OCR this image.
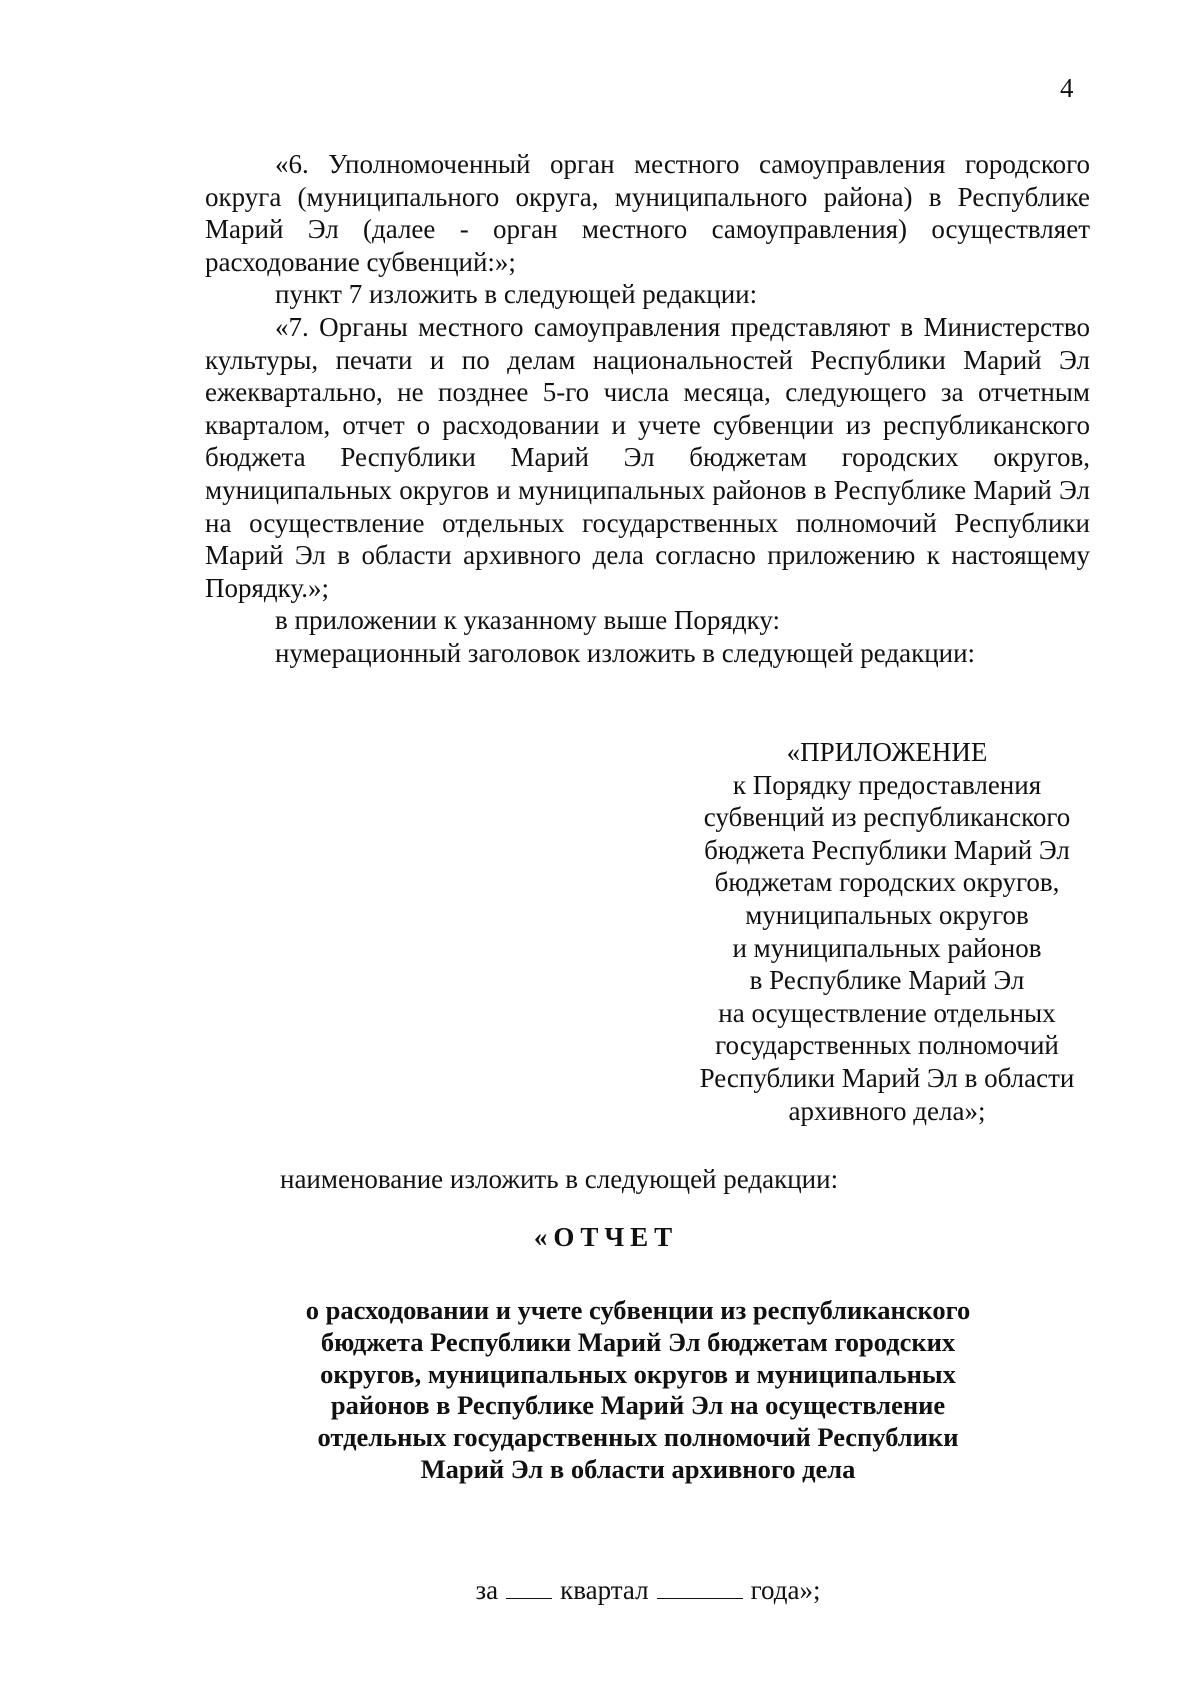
4

«6. Уполномоченный орган местного самоуправления городского округа (муниципального округа, муниципального района) в Республике Марий Эл (далее - орган местного самоуправления) осуществляет расходование субвенций:»;

пункт 7 изложить в следующей редакции:

«7. Органы местного самоуправления представляют в Министерство культуры, печати и по делам национальностей Республики Марий Эл ежеквартально, не позднее 5-го числа месяца, следующего за отчетным кварталом, отчет о расходовании и учете субвенции из республиканского бюджета Республики Марий Эл бюджетам городских округов, муниципальных округов и муниципальных районов в Республике Марий Эл на осуществление отдельных государственных полномочий Республики Марий Эл в области архивного дела согласно приложению к настоящему Порядку.»;

в приложении к указанному выше Порядку:

нумерационный заголовок изложить в следующей редакции:

«ПРИЛОЖЕНИЕ
к Порядку предоставления
субвенций из республиканского
бюджета Республики Марий Эл
бюджетам городских округов,
муниципальных округов
и муниципальных районов
в Республике Марий Эл
на осуществление отдельных
государственных полномочий
Республики Марий Эл в области
архивного дела»;
наименование изложить в следующей редакции:
«ОТЧЕТ
о расходовании и учете субвенции из республиканского
бюджета Республики Марий Эл бюджетам городских
округов, муниципальных округов и муниципальных
районов в Республике Марий Эл на осуществление
отдельных государственных полномочий Республики
Марий Эл в области архивного дела
за квартал	года»;
